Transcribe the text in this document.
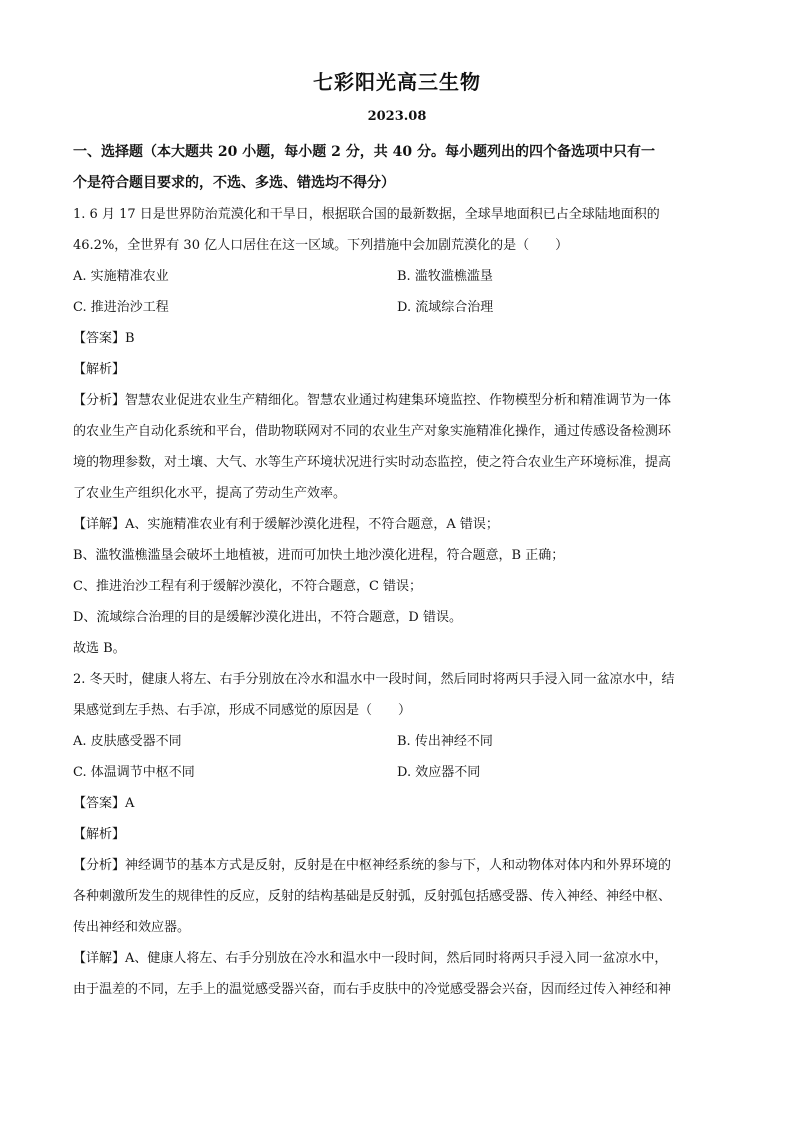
七彩阳光高三生物
2023.08
一、选择题（本大题共 20 小题，每小题 2 分，共 40 分。每小题列出的四个备选项中只有一
个是符合题目要求的，不选、多选、错选均不得分）
1. 6 月 17 日是世界防治荒漠化和干旱日，根据联合国的最新数据，全球旱地面积已占全球陆地面积的
46.2%，全世界有 30 亿人口居住在这一区域。下列措施中会加剧荒漠化的是（　　）
A. 实施精准农业	B. 滥牧滥樵滥垦
C. 推进治沙工程	D. 流域综合治理
【答案】B
【解析】
【分析】智慧农业促进农业生产精细化。智慧农业通过构建集环境监控、作物模型分析和精准调节为一体
的农业生产自动化系统和平台，借助物联网对不同的农业生产对象实施精准化操作，通过传感设备检测环
境的物理参数，对土壤、大气、水等生产环境状况进行实时动态监控，使之符合农业生产环境标准，提高
了农业生产组织化水平，提高了劳动生产效率。
【详解】A、实施精准农业有利于缓解沙漠化进程，不符合题意，A 错误；
B、滥牧滥樵滥垦会破坏土地植被，进而可加快土地沙漠化进程，符合题意，B 正确；
C、推进治沙工程有利于缓解沙漠化，不符合题意，C 错误；
D、流域综合治理的目的是缓解沙漠化进出，不符合题意，D 错误。
故选 B。
2. 冬天时，健康人将左、右手分别放在冷水和温水中一段时间，然后同时将两只手浸入同一盆凉水中，结
果感觉到左手热、右手凉，形成不同感觉的原因是（　　）
A. 皮肤感受器不同	B. 传出神经不同
C. 体温调节中枢不同	D. 效应器不同
【答案】A
【解析】
【分析】神经调节的基本方式是反射，反射是在中枢神经系统的参与下，人和动物体对体内和外界环境的
各种刺激所发生的规律性的反应，反射的结构基础是反射弧，反射弧包括感受器、传入神经、神经中枢、
传出神经和效应器。
【详解】A、健康人将左、右手分别放在冷水和温水中一段时间，然后同时将两只手浸入同一盆凉水中，
由于温差的不同，左手上的温觉感受器兴奋，而右手皮肤中的冷觉感受器会兴奋，因而经过传入神经和神
